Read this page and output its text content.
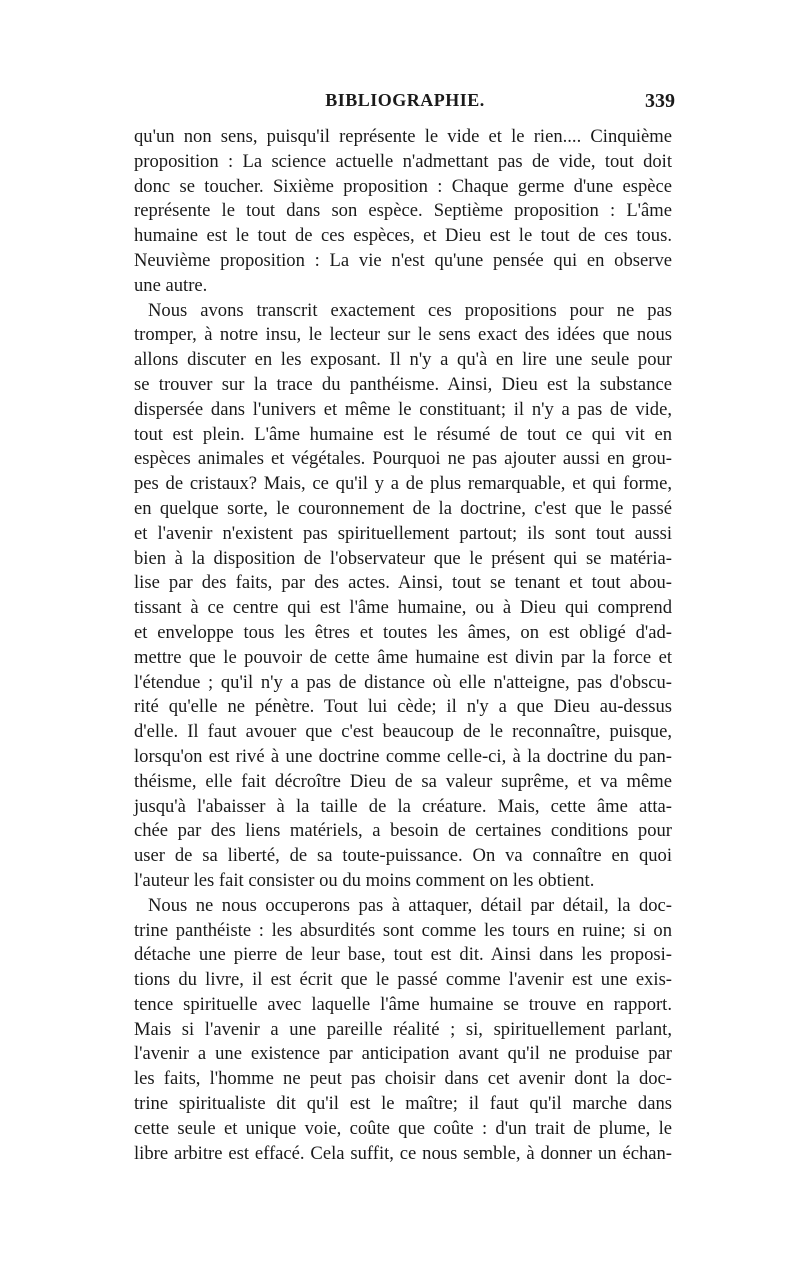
BIBLIOGRAPHIE.	339
qu'un non sens, puisqu'il représente le vide et le rien.... Cinquième
proposition : La science actuelle n'admettant pas de vide, tout doit
donc se toucher. Sixième proposition : Chaque germe d'une espèce
représente le tout dans son espèce. Septième proposition : L'âme
humaine est le tout de ces espèces, et Dieu est le tout de ces tous.
Neuvième proposition : La vie n'est qu'une pensée qui en observe
une autre.
Nous avons transcrit exactement ces propositions pour ne pas
tromper, à notre insu, le lecteur sur le sens exact des idées que nous
allons discuter en les exposant. Il n'y a qu'à en lire une seule pour
se trouver sur la trace du panthéisme. Ainsi, Dieu est la substance
dispersée dans l'univers et même le constituant; il n'y a pas de vide,
tout est plein. L'âme humaine est le résumé de tout ce qui vit en
espèces animales et végétales. Pourquoi ne pas ajouter aussi en grou-
pes de cristaux? Mais, ce qu'il y a de plus remarquable, et qui forme,
en quelque sorte, le couronnement de la doctrine, c'est que le passé
et l'avenir n'existent pas spirituellement partout; ils sont tout aussi
bien à la disposition de l'observateur que le présent qui se matéria-
lise par des faits, par des actes. Ainsi, tout se tenant et tout abou-
tissant à ce centre qui est l'âme humaine, ou à Dieu qui comprend
et enveloppe tous les êtres et toutes les âmes, on est obligé d'ad-
mettre que le pouvoir de cette âme humaine est divin par la force et
l'étendue ; qu'il n'y a pas de distance où elle n'atteigne, pas d'obscu-
rité qu'elle ne pénètre. Tout lui cède; il n'y a que Dieu au-dessus
d'elle. Il faut avouer que c'est beaucoup de le reconnaître, puisque,
lorsqu'on est rivé à une doctrine comme celle-ci, à la doctrine du pan-
théisme, elle fait décroître Dieu de sa valeur suprême, et va même
jusqu'à l'abaisser à la taille de la créature. Mais, cette âme atta-
chée par des liens matériels, a besoin de certaines conditions pour
user de sa liberté, de sa toute-puissance. On va connaître en quoi
l'auteur les fait consister ou du moins comment on les obtient.
Nous ne nous occuperons pas à attaquer, détail par détail, la doc-
trine panthéiste : les absurdités sont comme les tours en ruine; si on
détache une pierre de leur base, tout est dit. Ainsi dans les proposi-
tions du livre, il est écrit que le passé comme l'avenir est une exis-
tence spirituelle avec laquelle l'âme humaine se trouve en rapport.
Mais si l'avenir a une pareille réalité ; si, spirituellement parlant,
l'avenir a une existence par anticipation avant qu'il ne produise par
les faits, l'homme ne peut pas choisir dans cet avenir dont la doc-
trine spiritualiste dit qu'il est le maître; il faut qu'il marche dans
cette seule et unique voie, coûte que coûte : d'un trait de plume, le
libre arbitre est effacé. Cela suffit, ce nous semble, à donner un échan-
